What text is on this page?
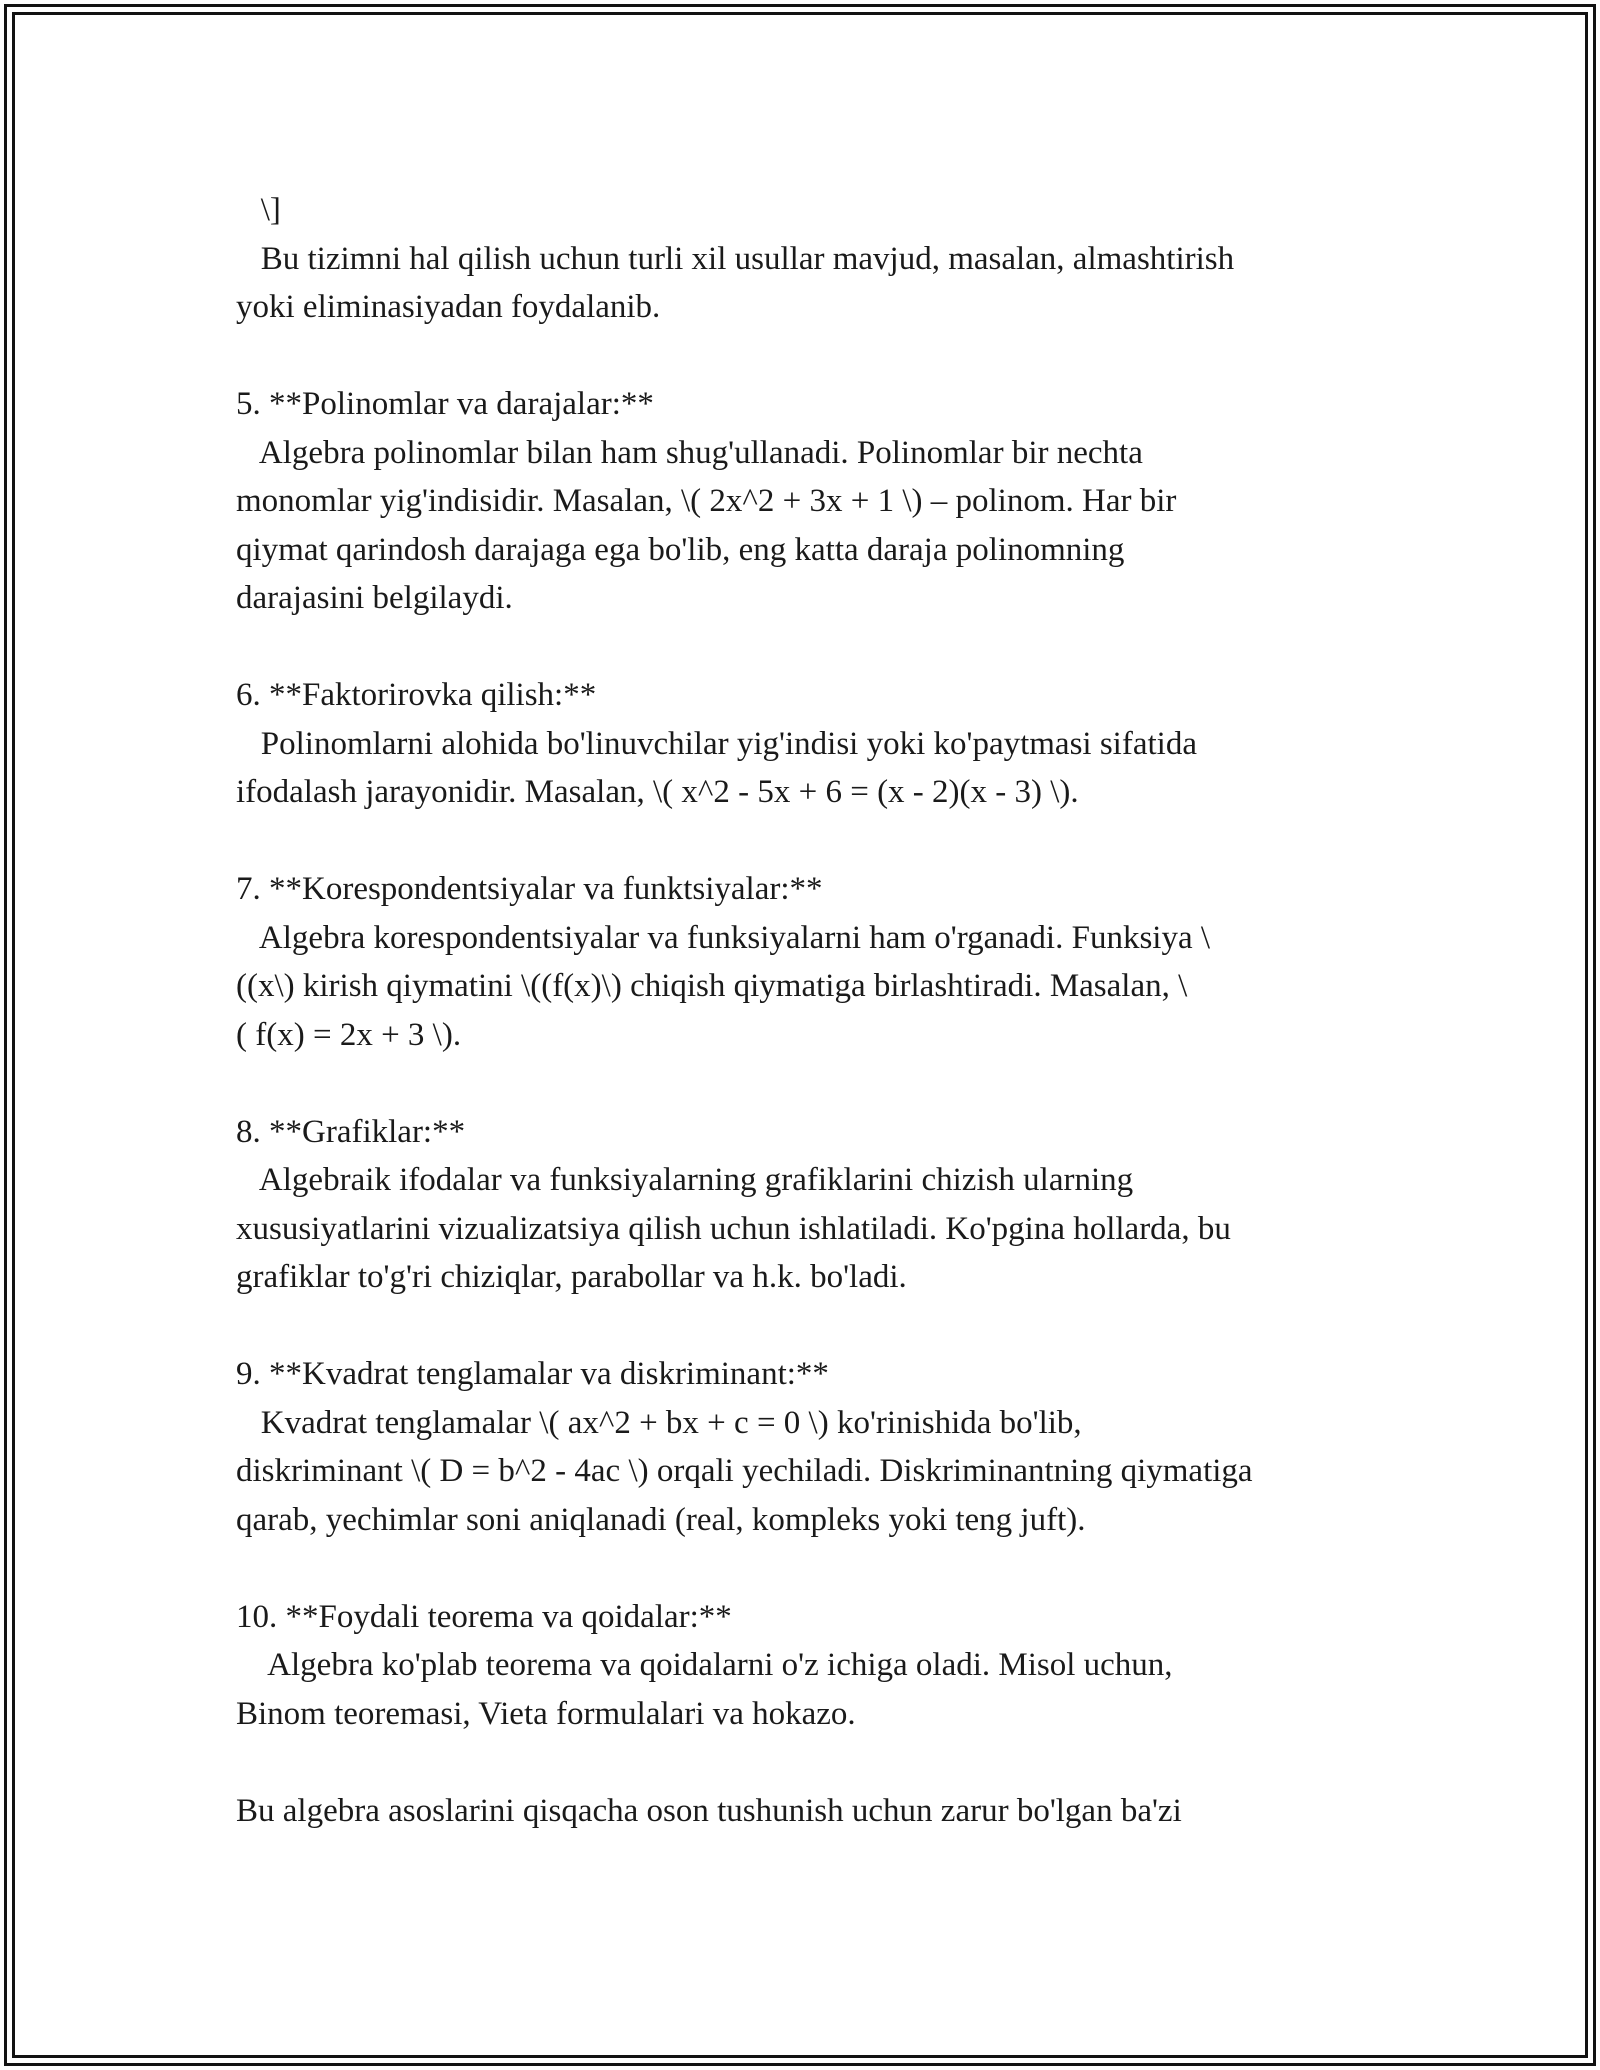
\]
Bu tizimni hal qilish uchun turli xil usullar mavjud, masalan, almashtirish
yoki eliminasiyadan foydalanib.
5. **Polinomlar va darajalar:**
Algebra polinomlar bilan ham shug'ullanadi. Polinomlar bir nechta
monomlar yig'indisidir. Masalan, \( 2x^2 + 3x + 1 \) – polinom. Har bir
qiymat qarindosh darajaga ega bo'lib, eng katta daraja polinomning
darajasini belgilaydi.
6. **Faktorirovka qilish:**
Polinomlarni alohida bo'linuvchilar yig'indisi yoki ko'paytmasi sifatida
ifodalash jarayonidir. Masalan, \( x^2 - 5x + 6 = (x - 2)(x - 3) \).
7. **Korespondentsiyalar va funktsiyalar:**
Algebra korespondentsiyalar va funksiyalarni ham o'rganadi. Funksiya \
((x\) kirish qiymatini \((f(x)\) chiqish qiymatiga birlashtiradi. Masalan, \
( f(x) = 2x + 3 \).
8. **Grafiklar:**
Algebraik ifodalar va funksiyalarning grafiklarini chizish ularning
xususiyatlarini vizualizatsiya qilish uchun ishlatiladi. Ko'pgina hollarda, bu
grafiklar to'g'ri chiziqlar, parabollar va h.k. bo'ladi.
9. **Kvadrat tenglamalar va diskriminant:**
Kvadrat tenglamalar \( ax^2 + bx + c = 0 \) ko'rinishida bo'lib,
diskriminant \( D = b^2 - 4ac \) orqali yechiladi. Diskriminantning qiymatiga
qarab, yechimlar soni aniqlanadi (real, kompleks yoki teng juft).
10. **Foydali teorema va qoidalar:**
Algebra ko'plab teorema va qoidalarni o'z ichiga oladi. Misol uchun,
Binom teoremasi, Vieta formulalari va hokazo.
Bu algebra asoslarini qisqacha oson tushunish uchun zarur bo'lgan ba'zi
